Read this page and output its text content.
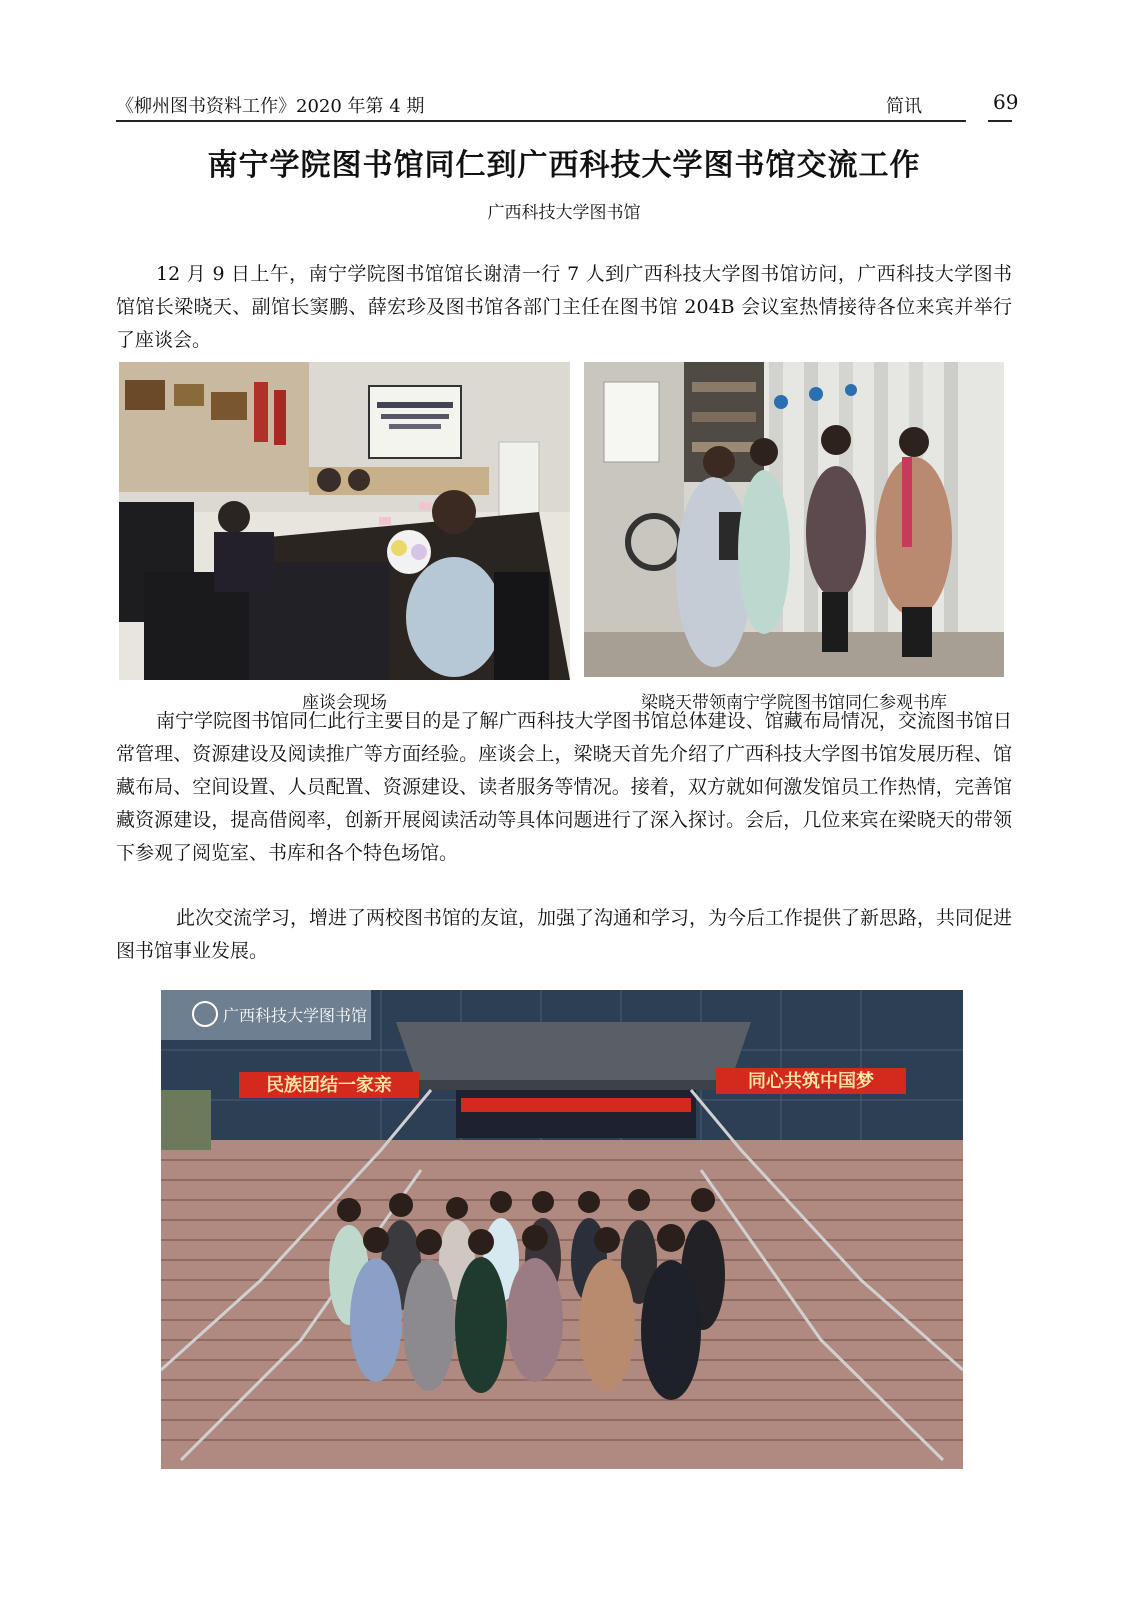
《柳州图书资料工作》2020 年第 4 期	简讯	69
南宁学院图书馆同仁到广西科技大学图书馆交流工作
广西科技大学图书馆

12 月 9 日上午，南宁学院图书馆馆长谢清一行 7 人到广西科技大学图书馆访问，广西科技大学图书馆馆长梁晓天、副馆长窦鹏、薛宏珍及图书馆各部门主任在图书馆 204B 会议室热情接待各位来宾并举行了座谈会。

座谈会现场	梁晓天带领南宁学院图书馆同仁参观书库

南宁学院图书馆同仁此行主要目的是了解广西科技大学图书馆总体建设、馆藏布局情况，交流图书馆日常管理、资源建设及阅读推广等方面经验。座谈会上，梁晓天首先介绍了广西科技大学图书馆发展历程、馆藏布局、空间设置、人员配置、资源建设、读者服务等情况。接着，双方就如何激发馆员工作热情，完善馆藏资源建设，提高借阅率，创新开展阅读活动等具体问题进行了深入探讨。会后，几位来宾在梁晓天的带领下参观了阅览室、书库和各个特色场馆。

此次交流学习，增进了两校图书馆的友谊，加强了沟通和学习，为今后工作提供了新思路，共同促进图书馆事业发展。

广西科技大学图书馆
民族团结一家亲	同心共筑中国梦
